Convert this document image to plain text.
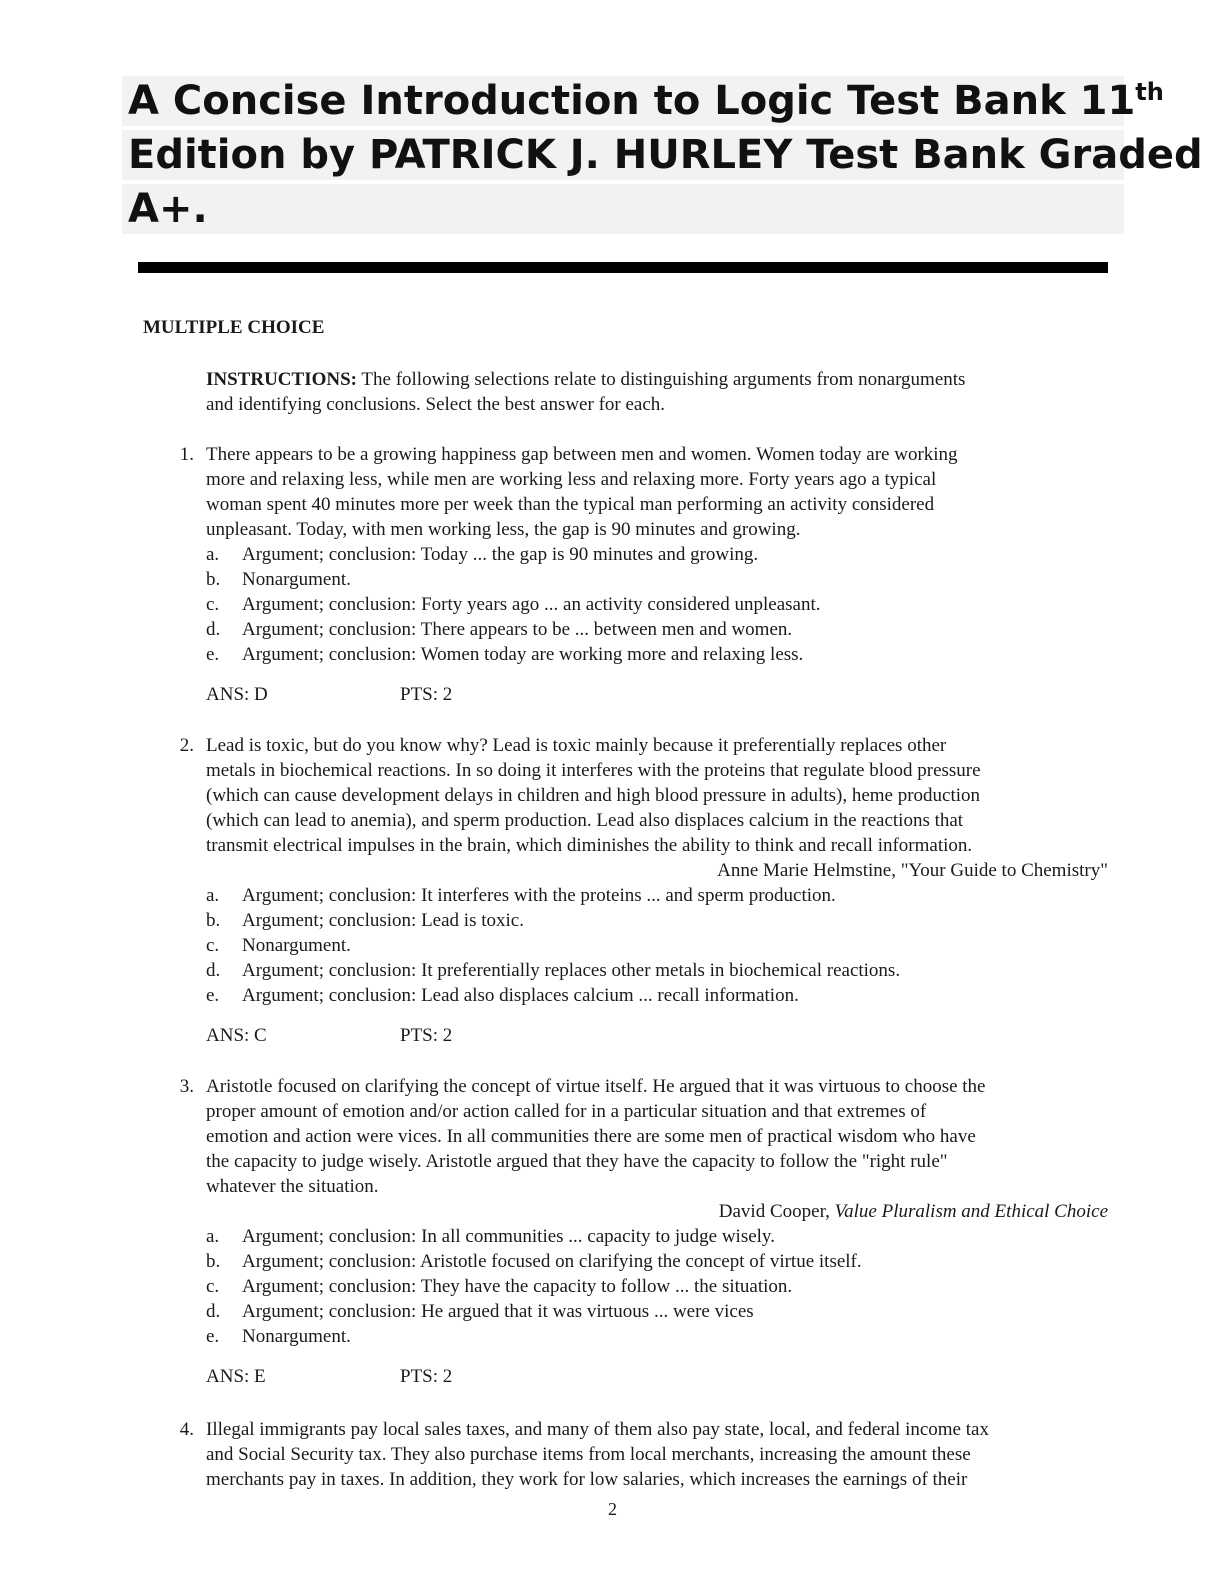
A Concise Introduction to Logic Test Bank 11th
Edition by PATRICK J. HURLEY Test Bank Graded
A+.
MULTIPLE CHOICE
INSTRUCTIONS: The following selections relate to distinguishing arguments from nonarguments
and identifying conclusions. Select the best answer for each.
1. There appears to be a growing happiness gap between men and women. Women today are working
more and relaxing less, while men are working less and relaxing more. Forty years ago a typical
woman spent 40 minutes more per week than the typical man performing an activity considered
unpleasant. Today, with men working less, the gap is 90 minutes and growing.
a.	Argument; conclusion: Today ... the gap is 90 minutes and growing.
b.	Nonargument.
c.	Argument; conclusion: Forty years ago ... an activity considered unpleasant.
d.	Argument; conclusion: There appears to be ... between men and women.
e.	Argument; conclusion: Women today are working more and relaxing less.
ANS: D	PTS: 2
2. Lead is toxic, but do you know why? Lead is toxic mainly because it preferentially replaces other
metals in biochemical reactions. In so doing it interferes with the proteins that regulate blood pressure
(which can cause development delays in children and high blood pressure in adults), heme production
(which can lead to anemia), and sperm production. Lead also displaces calcium in the reactions that
transmit electrical impulses in the brain, which diminishes the ability to think and recall information.
Anne Marie Helmstine, "Your Guide to Chemistry"
a.	Argument; conclusion: It interferes with the proteins ... and sperm production.
b.	Argument; conclusion: Lead is toxic.
c.	Nonargument.
d.	Argument; conclusion: It preferentially replaces other metals in biochemical reactions.
e.	Argument; conclusion: Lead also displaces calcium ... recall information.
ANS: C	PTS: 2
3. Aristotle focused on clarifying the concept of virtue itself. He argued that it was virtuous to choose the
proper amount of emotion and/or action called for in a particular situation and that extremes of
emotion and action were vices. In all communities there are some men of practical wisdom who have
the capacity to judge wisely. Aristotle argued that they have the capacity to follow the "right rule"
whatever the situation.
David Cooper, Value Pluralism and Ethical Choice
a.	Argument; conclusion: In all communities ... capacity to judge wisely.
b.	Argument; conclusion: Aristotle focused on clarifying the concept of virtue itself.
c.	Argument; conclusion: They have the capacity to follow ... the situation.
d.	Argument; conclusion: He argued that it was virtuous ... were vices
e.	Nonargument.
ANS: E	PTS: 2
4. Illegal immigrants pay local sales taxes, and many of them also pay state, local, and federal income tax
and Social Security tax. They also purchase items from local merchants, increasing the amount these
merchants pay in taxes. In addition, they work for low salaries, which increases the earnings of their
2
